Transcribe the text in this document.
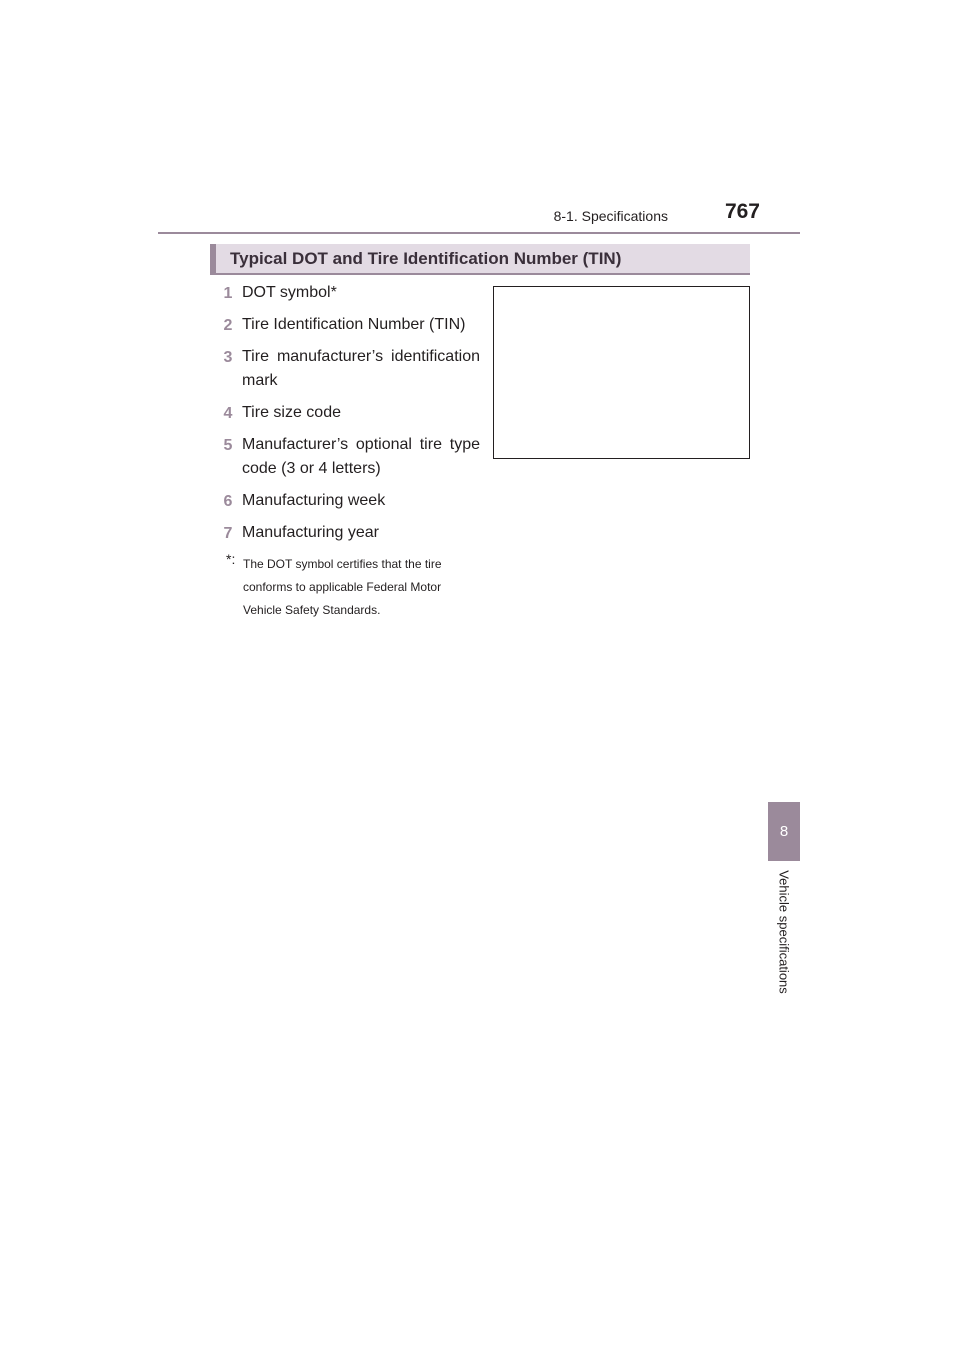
8-1. Specifications	767
8
Vehicle specifications
Typical DOT and Tire Identification Number (TIN)
1 DOT symbol*
2 Tire Identification Number (TIN)
3 Tire manufacturer’s identification mark
4 Tire size code
5 Manufacturer’s optional tire type code (3 or 4 letters)
6 Manufacturing week
7 Manufacturing year
*: The DOT symbol certifies that the tire conforms to applicable Federal Motor Vehicle Safety Standards.
